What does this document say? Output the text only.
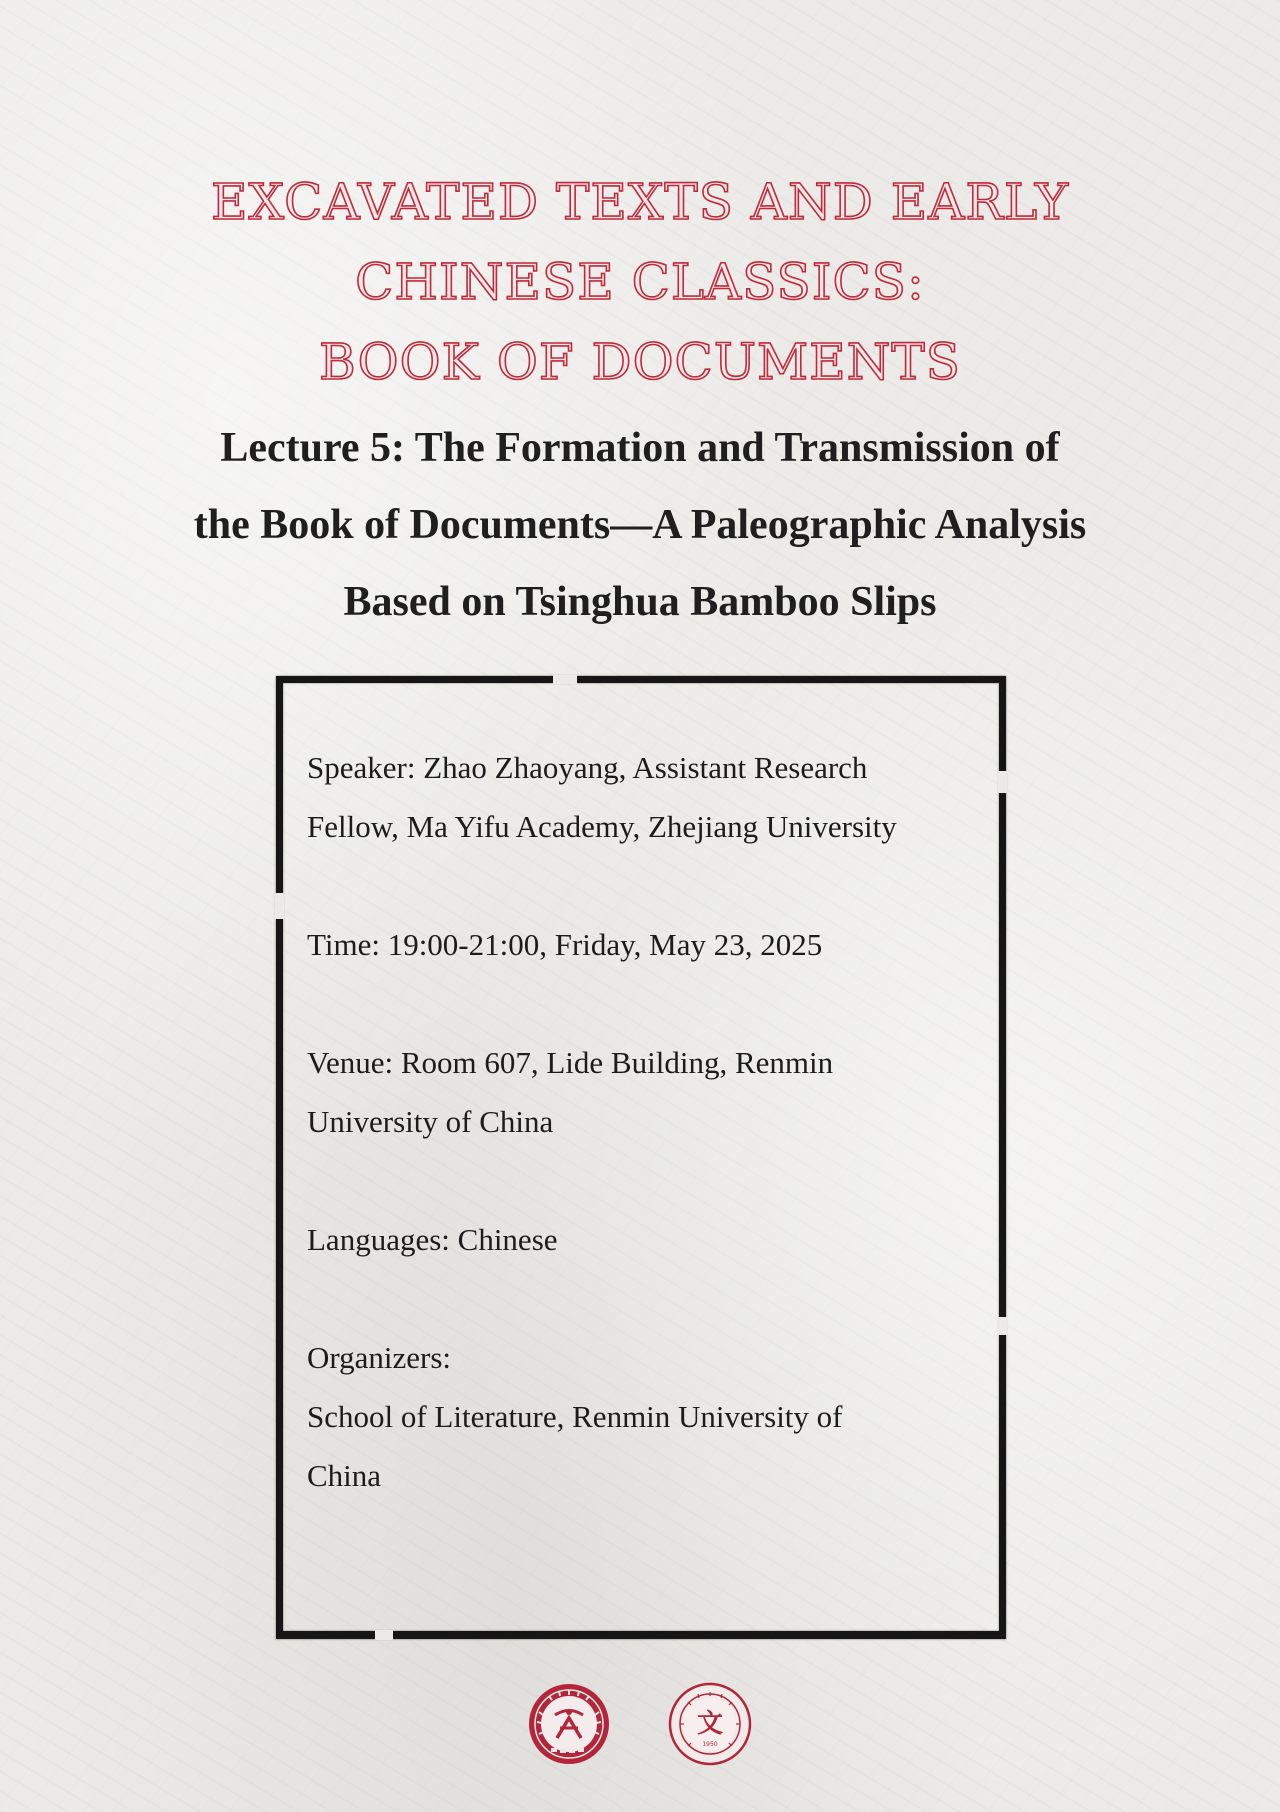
EXCAVATED TEXTS AND EARLY
CHINESE CLASSICS:
BOOK OF DOCUMENTS
Lecture 5: The Formation and Transmission of
the Book of Documents—A Paleographic Analysis
Based on Tsinghua Bamboo Slips

Speaker: Zhao Zhaoyang, Assistant Research
Fellow, Ma Yifu Academy, Zhejiang University

Time: 19:00-21:00, Friday, May 23, 2025

Venue: Room 607, Lide Building, Renmin
University of China

Languages: Chinese

Organizers:
School of Literature, Renmin University of
China

文
1950
